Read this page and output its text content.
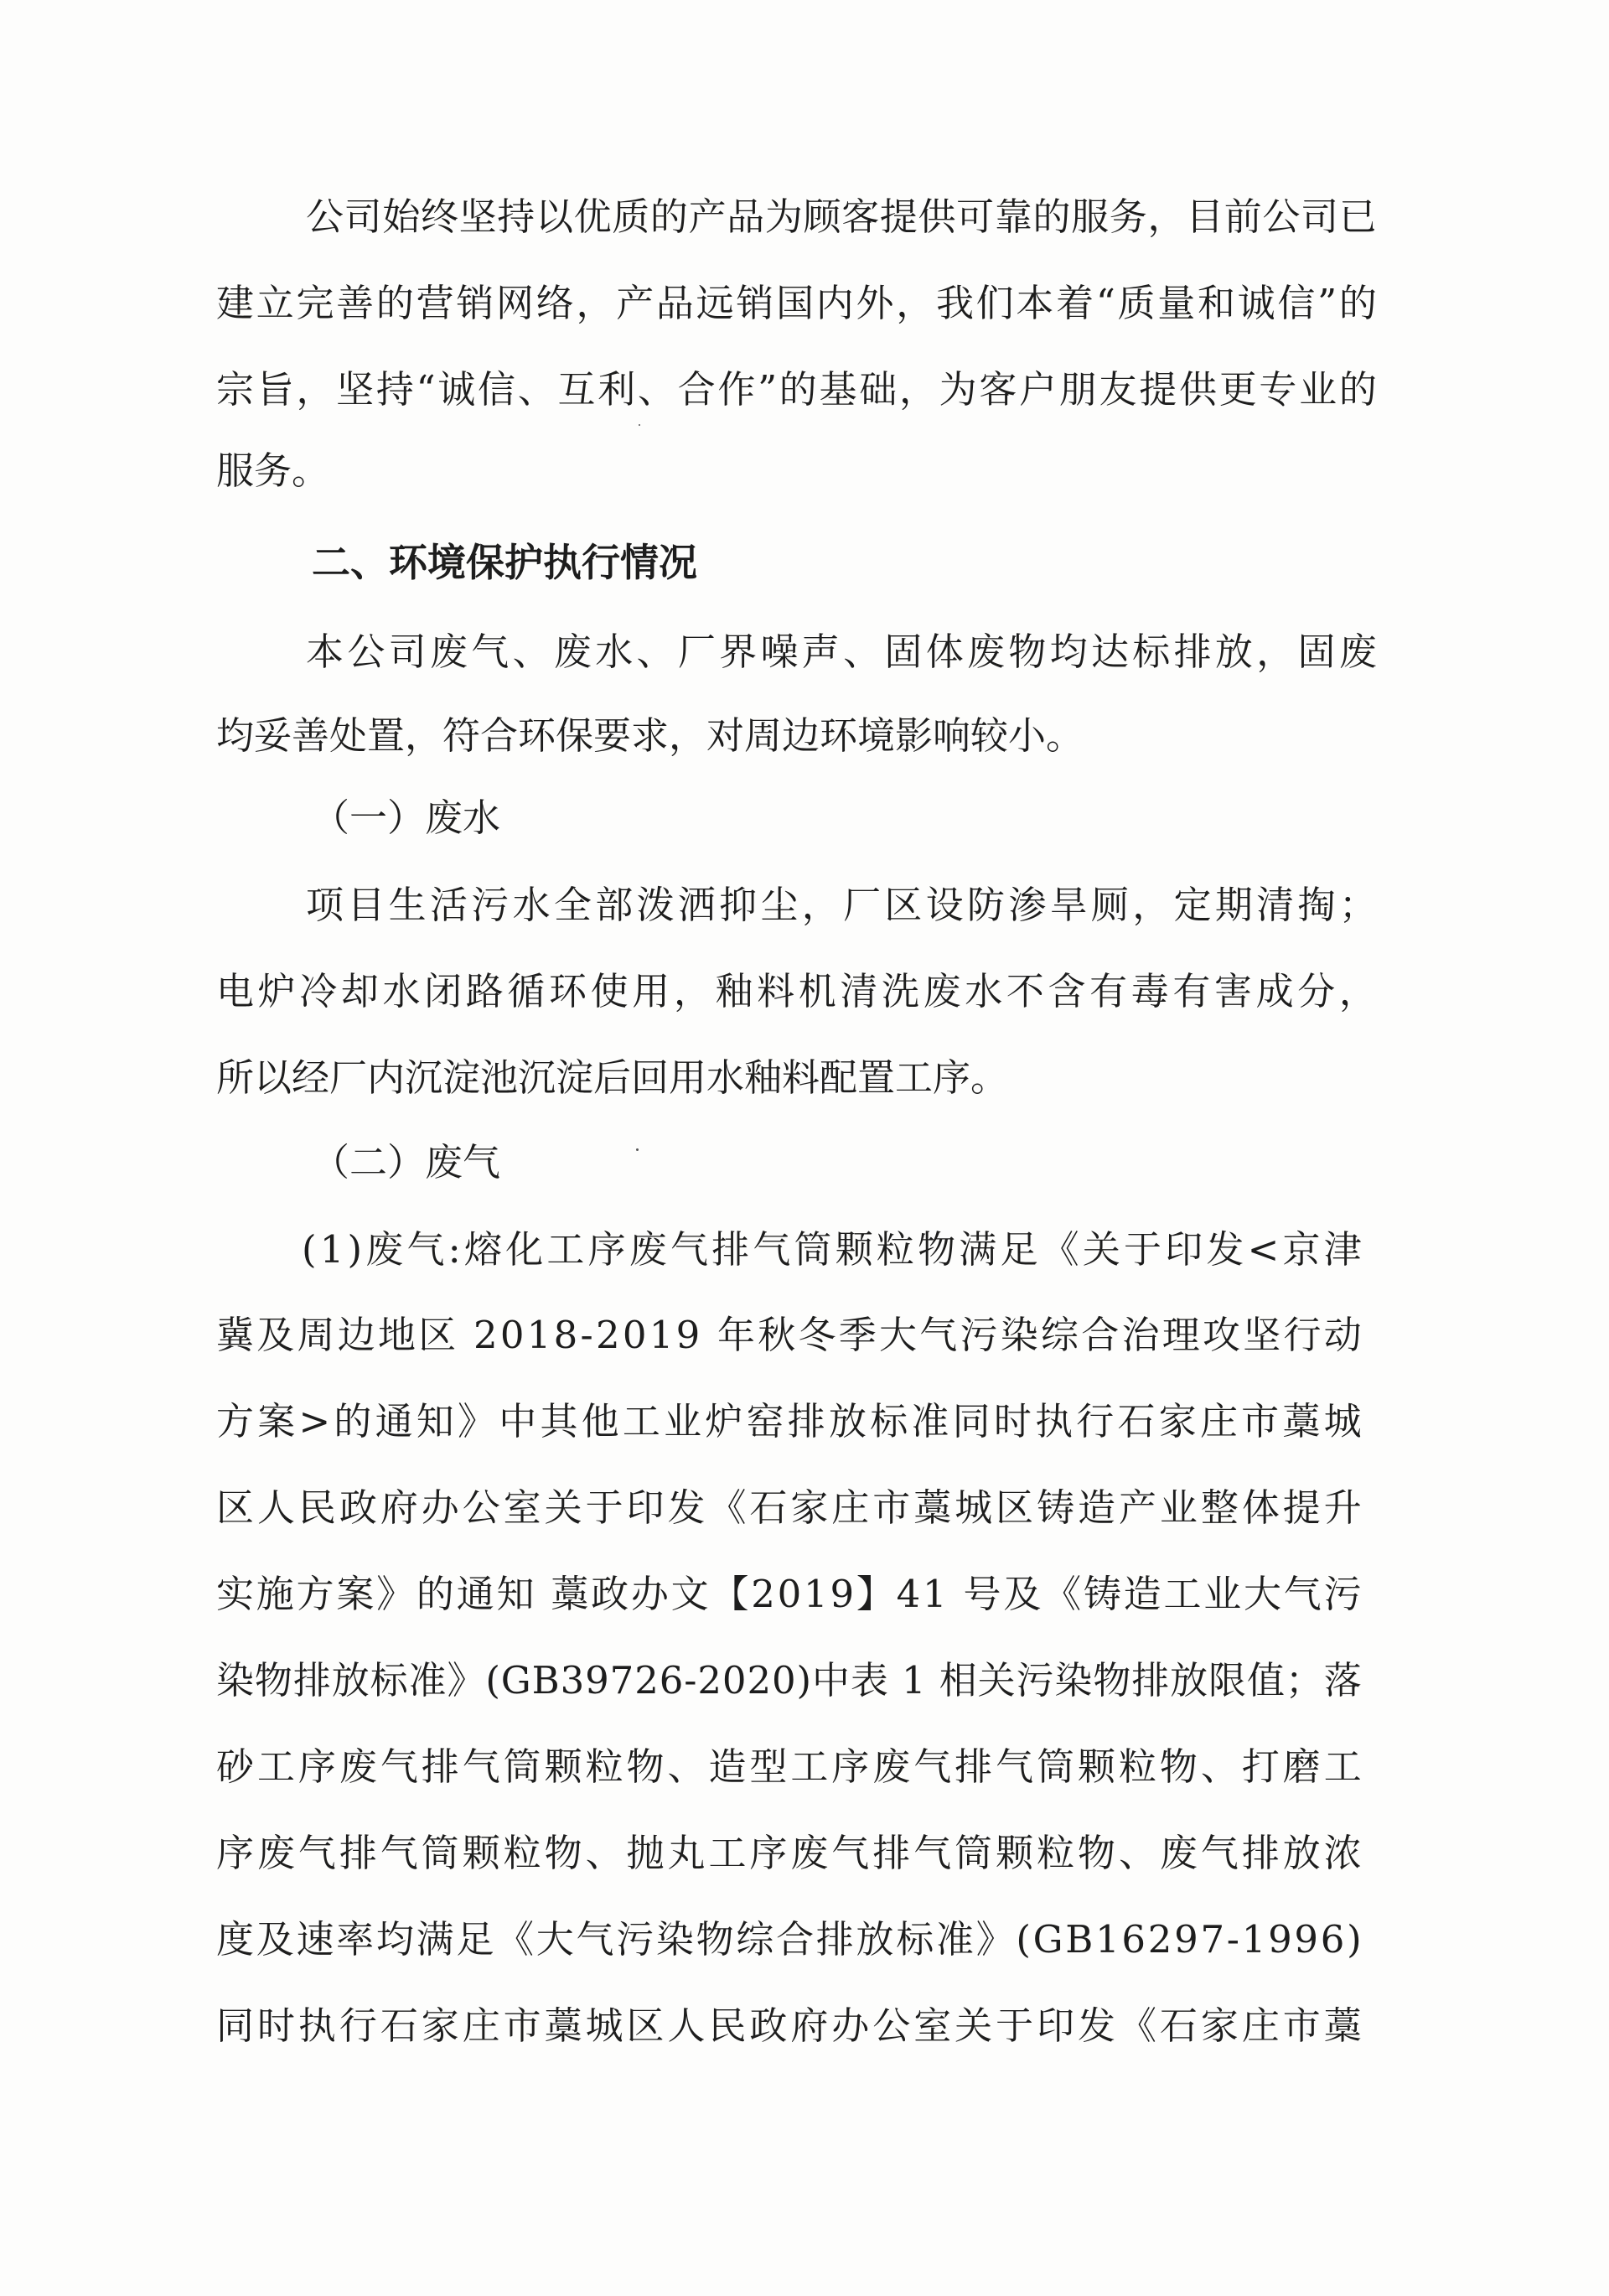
公 司 始 终 坚 持 以 优 质 的 产 品 为 顾 客 提 供 可 靠 的 服 务 ， 目 前 公 司 已

建 立 完 善 的 营 销 网 络 ， 产 品 远 销 国 内 外 ， 我 们 本 着 “ 质 量 和 诚 信 ” 的

宗 旨 ， 坚 持 “ 诚 信 、 互 利 、 合 作 ” 的 基 础 ， 为 客 户 朋 友 提 供 更 专 业 的

服务。

二、环境保护执行情况

本 公 司 废 气 、 废 水 、 厂 界 噪 声 、 固 体 废 物 均 达 标 排 放 ， 固 废

均妥善处置，符合环保要求，对周边环境影响较小。

（一）废水

项 目 生 活 污 水 全 部 泼 洒 抑 尘 ， 厂 区 设 防 渗 旱 厕 ， 定 期 清 掏 ；

电 炉 冷 却 水 闭 路 循 环 使 用 ， 釉 料 机 清 洗 废 水 不 含 有 毒 有 害 成 分 ，

所以经厂内沉淀池沉淀后回用水釉料配置工序。

（二）废气

( 1 ) 废 气 : 熔 化 工 序 废 气 排 气 筒 颗 粒 物 满 足 《 关 于 印 发 < 京 津

冀 及 周 边 地 区
2 0 1 8 - 2 0 1 9
年 秋 冬 季 大 气 污 染 综 合 治 理 攻 坚 行 动

方 案 > 的 通 知 》 中 其 他 工 业 炉 窑 排 放 标 准 同 时 执 行 石 家 庄 市 藁 城

区 人 民 政 府 办 公 室 关 于 印 发 《 石 家 庄 市 藁 城 区 铸 造 产 业 整 体 提 升

实 施 方 案 》 的 通 知
藁 政 办 文 【 2 0 1 9 】 4 1
号 及 《 铸 造 工 业 大 气 污

染 物 排 放 标 准 》 ( G B 3 9 7 2 6 - 2 0 2 0 ) 中 表
1
相 关 污 染 物 排 放 限 值 ； 落

砂 工 序 废 气 排 气 筒 颗 粒 物 、 造 型 工 序 废 气 排 气 筒 颗 粒 物 、 打 磨 工

序 废 气 排 气 筒 颗 粒 物 、 抛 丸 工 序 废 气 排 气 筒 颗 粒 物 、 废 气 排 放 浓

度 及 速 率 均 满 足 《 大 气 污 染 物 综 合 排 放 标 准 》 ( G B 1 6 2 9 7 - 1 9 9 6 )

同 时 执 行 石 家 庄 市 藁 城 区 人 民 政 府 办 公 室 关 于 印 发 《 石 家 庄 市 藁
